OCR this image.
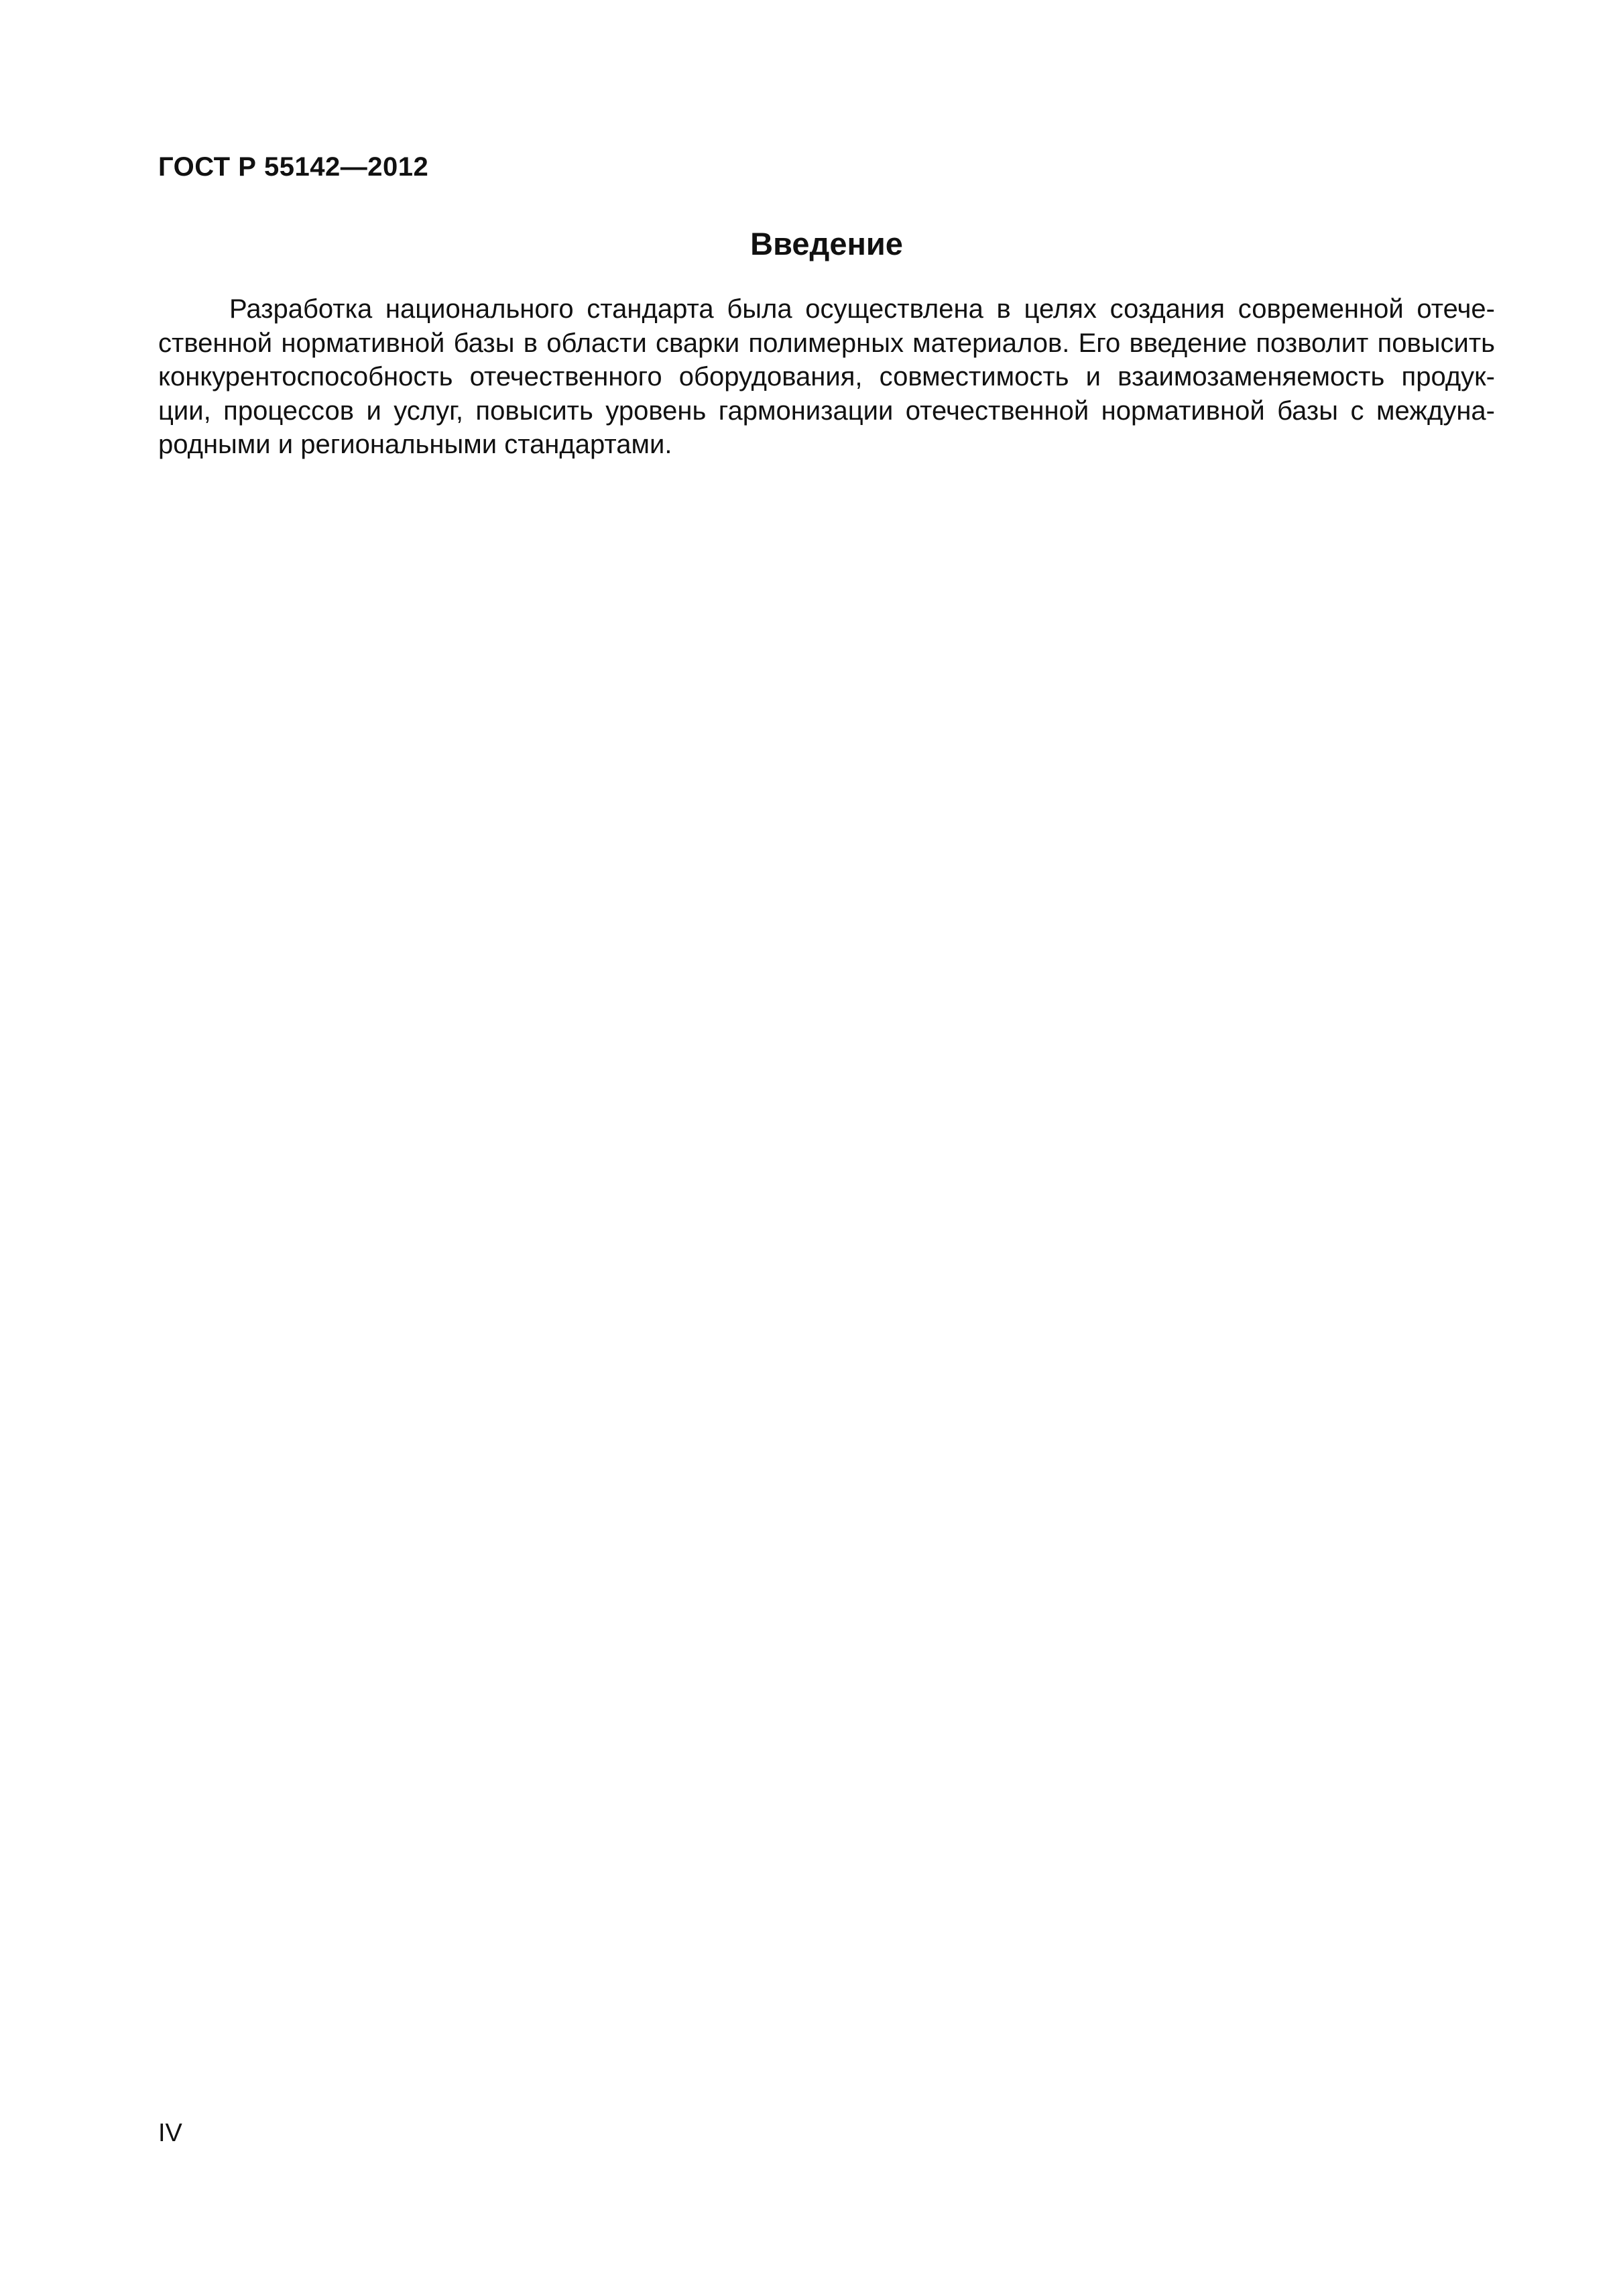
ГОСТ Р 55142—2012
Введение
Разработка национального стандарта была осуществлена в целях создания современной отече-
ственной нормативной базы в области сварки полимерных материалов. Его введение позволит повысить
конкурентоспособность отечественного оборудования, совместимость и взаимозаменяемость продук-
ции, процессов и услуг, повысить уровень гармонизации отечественной нормативной базы с междуна-
родными и региональными стандартами.
IV
